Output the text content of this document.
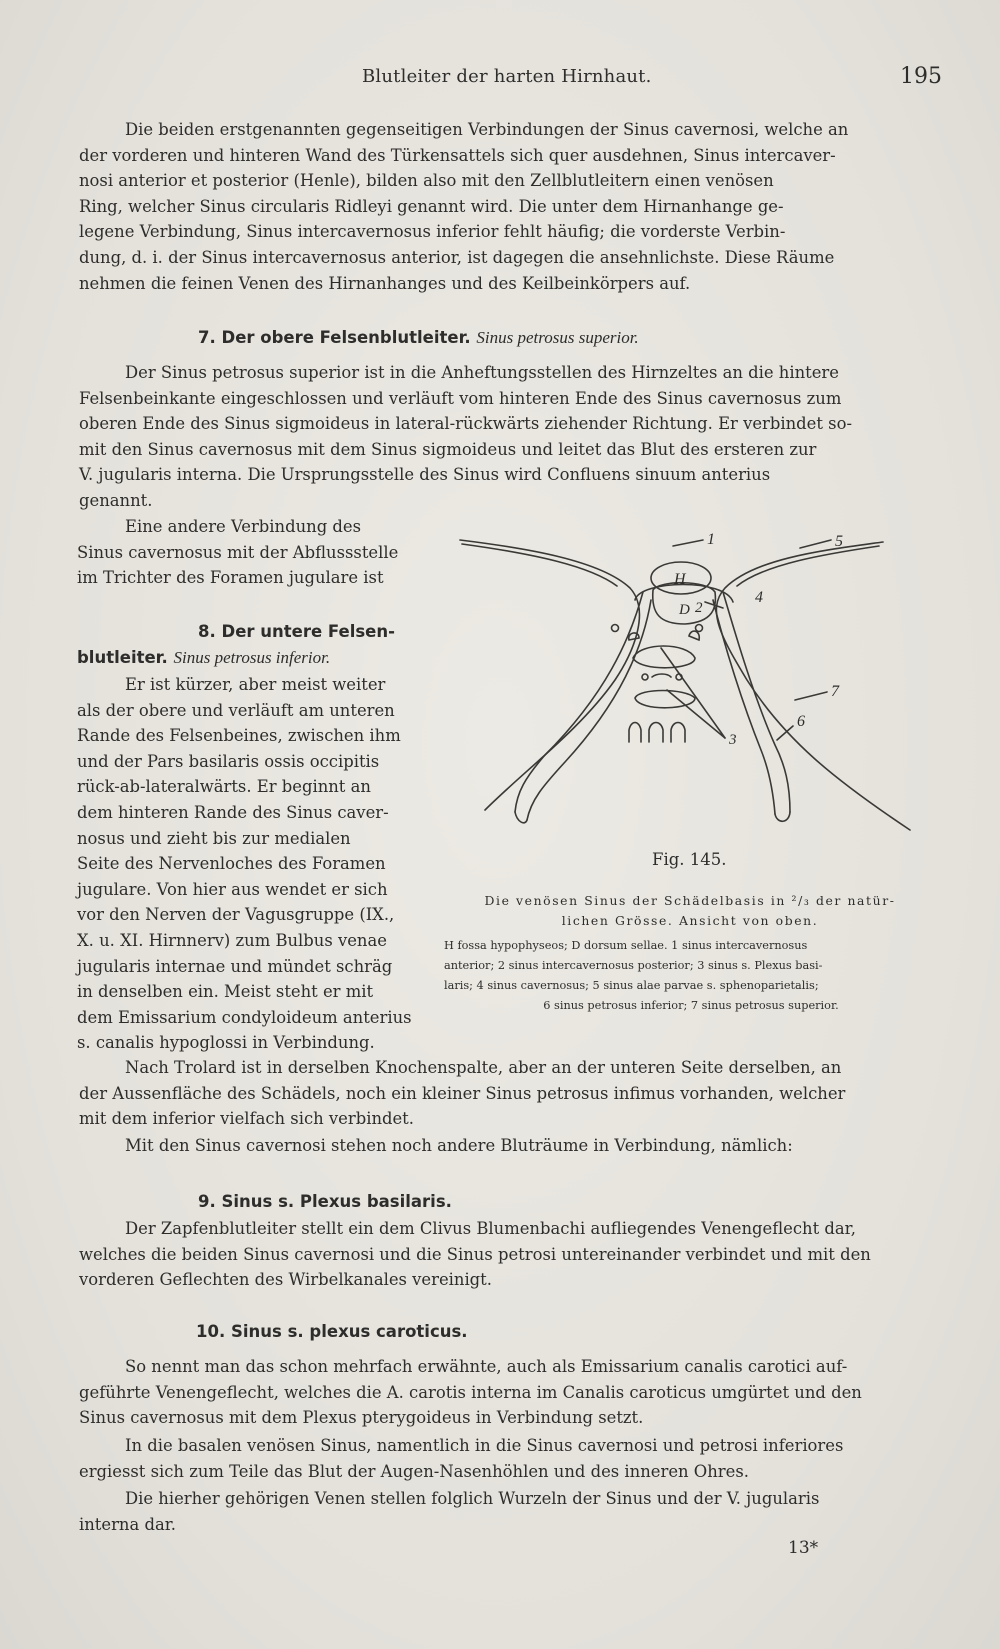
Blutleiter der harten Hirnhaut.	195

Die beiden erstgenannten gegenseitigen Verbindungen der Sinus cavernosi, welche an

der vorderen und hinteren Wand des Türkensattels sich quer ausdehnen, Sinus intercaver-

nosi anterior et posterior (Henle), bilden also mit den Zellblutleitern einen venösen

Ring, welcher Sinus circularis Ridleyi genannt wird. Die unter dem Hirnanhange ge-

legene Verbindung, Sinus intercavernosus inferior fehlt häufig; die vorderste Verbin-

dung, d. i. der Sinus intercavernosus anterior, ist dagegen die ansehnlichste. Diese Räume

nehmen die feinen Venen des Hirnanhanges und des Keilbeinkörpers auf.

7. Der obere Felsenblutleiter. Sinus petrosus superior.

Der Sinus petrosus superior ist in die Anheftungsstellen des Hirnzeltes an die hintere

Felsenbeinkante eingeschlossen und verläuft vom hinteren Ende des Sinus cavernosus zum

oberen Ende des Sinus sigmoideus in lateral-rückwärts ziehender Richtung. Er verbindet so-

mit den Sinus cavernosus mit dem Sinus sigmoideus und leitet das Blut des ersteren zur

V. jugularis interna. Die Ursprungsstelle des Sinus wird Confluens sinuum anterius

genannt.

Eine andere Verbindung des

Sinus cavernosus mit der Abflussstelle

im Trichter des Foramen jugulare ist

8. Der untere Felsen-
blutleiter. Sinus petrosus inferior.

Er ist kürzer, aber meist weiter

als der obere und verläuft am unteren

Rande des Felsenbeines, zwischen ihm

und der Pars basilaris ossis occipitis

rück-ab-lateralwärts. Er beginnt an

dem hinteren Rande des Sinus caver-

nosus und zieht bis zur medialen

Seite des Nervenloches des Foramen

jugulare. Von hier aus wendet er sich

vor den Nerven der Vagusgruppe (IX.,

X. u. XI. Hirnnerv) zum Bulbus venae

jugularis internae und mündet schräg

in denselben ein. Meist steht er mit

dem Emissarium condyloideum anterius

s. canalis hypoglossi in Verbindung.

H
D
1
2
3
4
5
6
7
Fig. 145.
Die venösen Sinus der Schädelbasis in ²/₃ der natür-
lichen Grösse. Ansicht von oben.
H fossa hypophyseos; D dorsum sellae. 1 sinus intercavernosus
anterior; 2 sinus intercavernosus posterior; 3 sinus s. Plexus basi-
laris; 4 sinus cavernosus; 5 sinus alae parvae s. sphenoparietalis;
6 sinus petrosus inferior; 7 sinus petrosus superior.

Nach Trolard ist in derselben Knochenspalte, aber an der unteren Seite derselben, an

der Aussenfläche des Schädels, noch ein kleiner Sinus petrosus infimus vorhanden, welcher

mit dem inferior vielfach sich verbindet.

Mit den Sinus cavernosi stehen noch andere Bluträume in Verbindung, nämlich:

9. Sinus s. Plexus basilaris.

Der Zapfenblutleiter stellt ein dem Clivus Blumenbachi aufliegendes Venengeflecht dar,

welches die beiden Sinus cavernosi und die Sinus petrosi untereinander verbindet und mit den

vorderen Geflechten des Wirbelkanales vereinigt.

10. Sinus s. plexus caroticus.

So nennt man das schon mehrfach erwähnte, auch als Emissarium canalis carotici auf-

geführte Venengeflecht, welches die A. carotis interna im Canalis caroticus umgürtet und den

Sinus cavernosus mit dem Plexus pterygoideus in Verbindung setzt.

In die basalen venösen Sinus, namentlich in die Sinus cavernosi und petrosi inferiores

ergiesst sich zum Teile das Blut der Augen-Nasenhöhlen und des inneren Ohres.

Die hierher gehörigen Venen stellen folglich Wurzeln der Sinus und der V. jugularis

interna dar.

13*
